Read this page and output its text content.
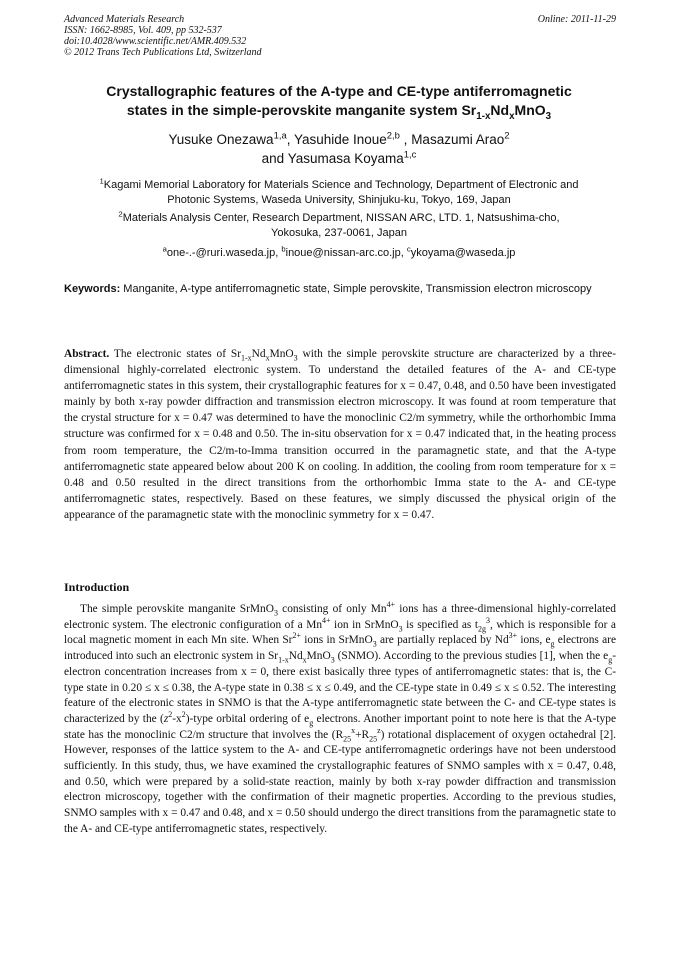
Advanced Materials Research
ISSN: 1662-8985, Vol. 409, pp 532-537
doi:10.4028/www.scientific.net/AMR.409.532
© 2012 Trans Tech Publications Ltd, Switzerland
Online: 2011-11-29
Crystallographic features of the A-type and CE-type antiferromagnetic
states in the simple-perovskite manganite system $Sr_{1-x}Nd_xMnO_3$
Yusuke Onezawa$^{1,a}$, Yasuhide Inoue$^{2,b}$ , Masazumi Arao$^2$
and Yasumasa Koyama$^{1,c}$
$^1$Kagami Memorial Laboratory for Materials Science and Technology, Department of Electronic and
Photonic Systems, Waseda University, Shinjuku-ku, Tokyo, 169, Japan
$^2$Materials Analysis Center, Research Department, NISSAN ARC, LTD. 1, Natsushima-cho,
Yokosuka, 237-0061, Japan
$^a$one-.-@ruri.waseda.jp, $^b$inoue@nissan-arc.co.jp, $^c$ykoyama@waseda.jp
Keywords: Manganite, A-type antiferromagnetic state, Simple perovskite, Transmission electron microscopy
Abstract. The electronic states of $Sr_{1-x}Nd_xMnO_3$ with the simple perovskite structure are characterized by a three-dimensional highly-correlated electronic system. To understand the detailed features of the A- and CE-type antiferromagnetic states in this system, their crystallographic features for x = 0.47, 0.48, and 0.50 have been investigated mainly by both x-ray powder diffraction and transmission electron microscopy. It was found at room temperature that the crystal structure for x = 0.47 was determined to have the monoclinic C2/m symmetry, while the orthorhombic Imma structure was confirmed for x = 0.48 and 0.50. The in-situ observation for x = 0.47 indicated that, in the heating process from room temperature, the C2/m-to-Imma transition occurred in the paramagnetic state, and that the A-type antiferromagnetic state appeared below about 200 K on cooling. In addition, the cooling from room temperature for x = 0.48 and 0.50 resulted in the direct transitions from the orthorhombic Imma state to the A- and CE-type antiferromagnetic states, respectively. Based on these features, we simply discussed the physical origin of the appearance of the paramagnetic state with the monoclinic symmetry for x = 0.47.
Introduction

The simple perovskite manganite SrMnO$_3$ consisting of only $Mn^{4+}$ ions has a three-dimensional highly-correlated electronic system. The electronic configuration of a $Mn^{4+}$ ion in SrMnO$_3$ is specified as $t_{2g}^3$, which is responsible for a local magnetic moment in each Mn site. When $Sr^{2+}$ ions in SrMnO$_3$ are partially replaced by $Nd^{3+}$ ions, $e_g$ electrons are introduced into such an electronic system in $Sr_{1-x}Nd_xMnO_3$ (SNMO). According to the previous studies [1], when the $e_g$-electron concentration increases from x = 0, there exist basically three types of antiferromagnetic states: that is, the C-type state in 0.20 ≤ x ≤ 0.38, the A-type state in 0.38 ≤ x ≤ 0.49, and the CE-type state in 0.49 ≤ x ≤ 0.52. The interesting feature of the electronic states in SNMO is that the A-type antiferromagnetic state between the C- and CE-type states is characterized by the $(z^2-x^2)$-type orbital ordering of $e_g$ electrons. Another important point to note here is that the A-type state has the monoclinic C2/m structure that involves the $(R_{25}^x+R_{25}^z)$ rotational displacement of oxygen octahedral [2]. However, responses of the lattice system to the A- and CE-type antiferromagnetic orderings have not been understood sufficiently. In this study, thus, we have examined the crystallographic features of SNMO samples with x = 0.47, 0.48, and 0.50, which were prepared by a solid-state reaction, mainly by both x-ray powder diffraction and transmission electron microscopy, together with the confirmation of their magnetic properties. According to the previous studies, SNMO samples with x = 0.47 and 0.48, and x = 0.50 should undergo the direct transitions from the paramagnetic state to the A- and CE-type antiferromagnetic states, respectively.
